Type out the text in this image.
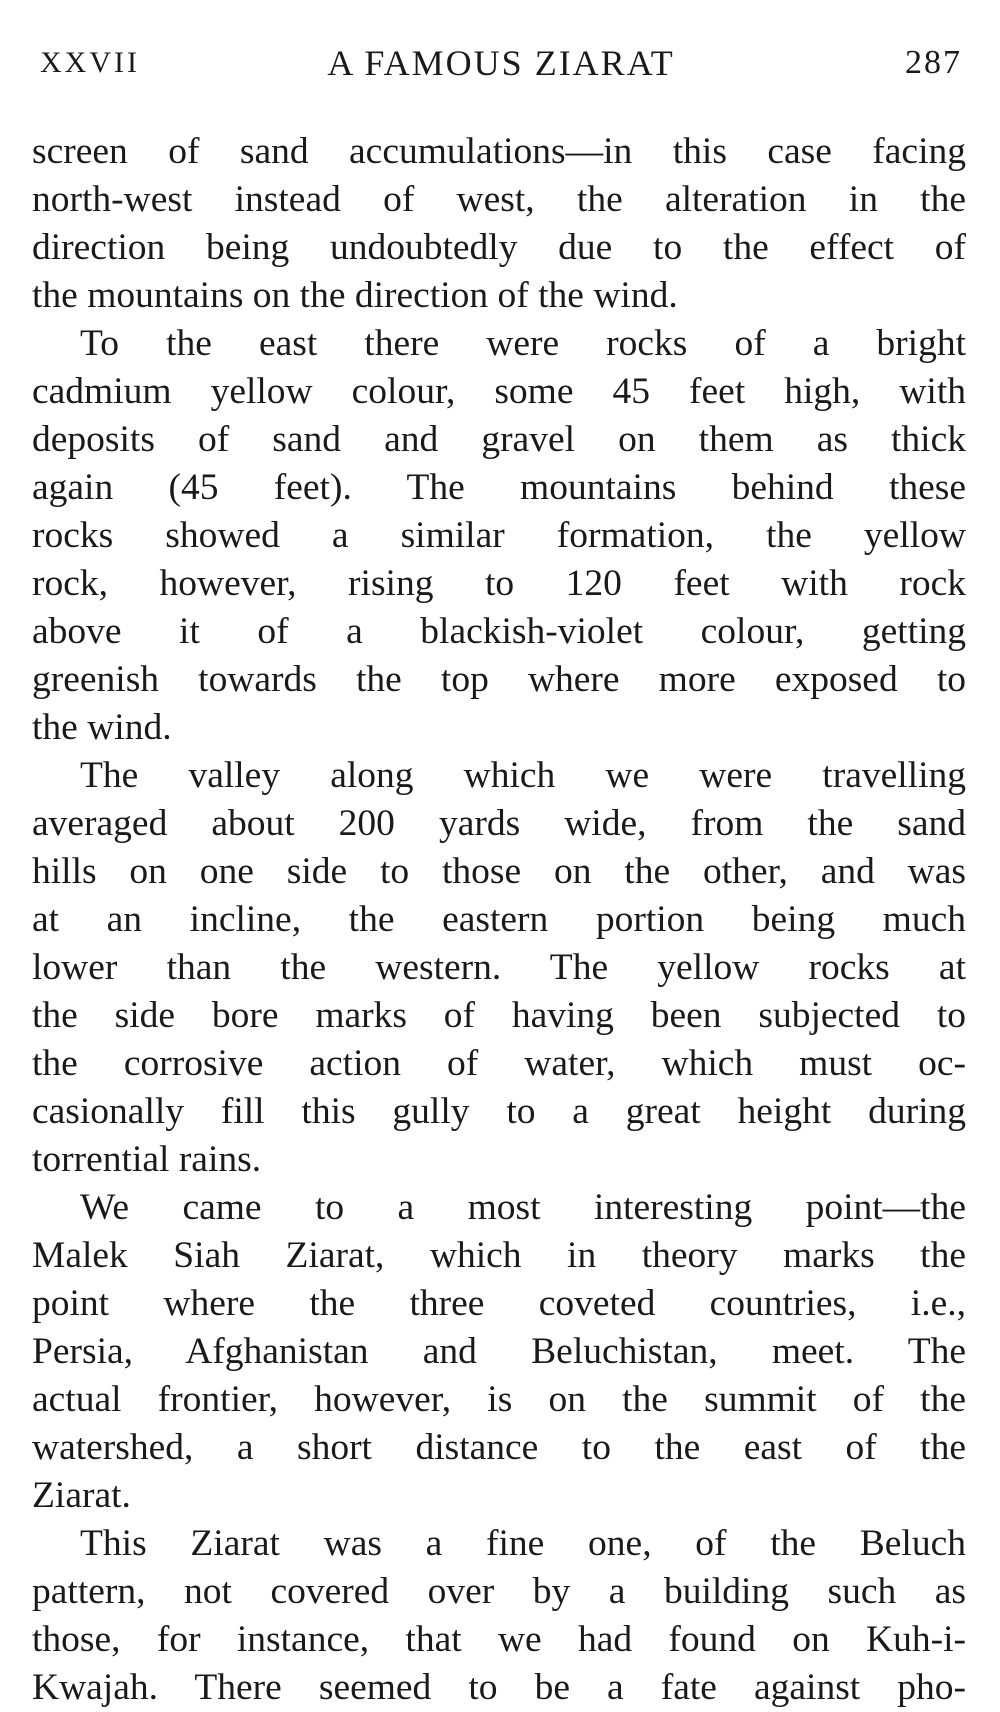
XXVII	A FAMOUS ZIARAT	287

screen of sand accumulations—in this case facing
north-west instead of west, the alteration in the
direction being undoubtedly due to the effect of
the mountains on the direction of the wind.

To the east there were rocks of a bright
cadmium yellow colour, some 45 feet high, with
deposits of sand and gravel on them as thick
again (45 feet). The mountains behind these
rocks showed a similar formation, the yellow
rock, however, rising to 120 feet with rock
above it of a blackish-violet colour, getting
greenish towards the top where more exposed to
the wind.

The valley along which we were travelling
averaged about 200 yards wide, from the sand
hills on one side to those on the other, and was
at an incline, the eastern portion being much
lower than the western. The yellow rocks at
the side bore marks of having been subjected to
the corrosive action of water, which must oc-
casionally fill this gully to a great height during
torrential rains.

We came to a most interesting point—the
Malek Siah Ziarat, which in theory marks the
point where the three coveted countries, i.e.,
Persia, Afghanistan and Beluchistan, meet. The
actual frontier, however, is on the summit of the
watershed, a short distance to the east of the
Ziarat.

This Ziarat was a fine one, of the Beluch
pattern, not covered over by a building such as
those, for instance, that we had found on Kuh-i-
Kwajah. There seemed to be a fate against pho-
